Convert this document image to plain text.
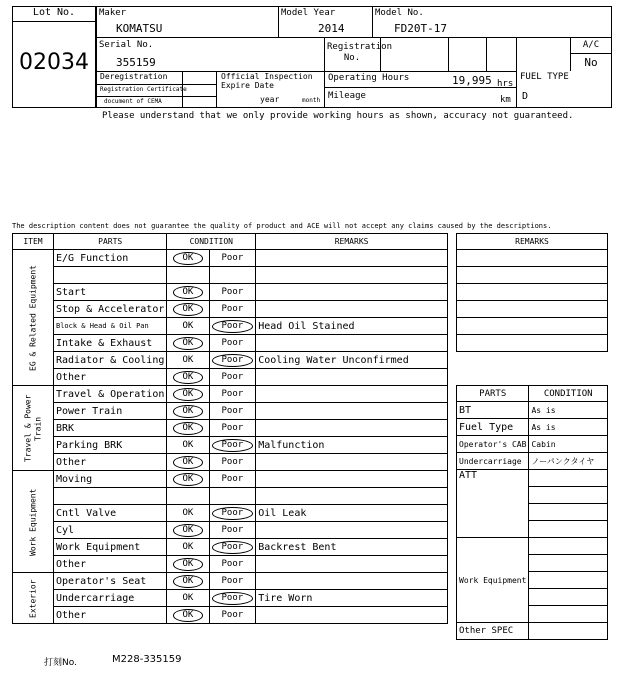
Lot No.
02034
Maker
KOMATSU
Model Year
2014
Model No.
FD20T-17
Serial No.
355159
Registration No.
A/C
No
Deregistration
Registration Certificate
document of CEMA
Official Inspection Expire Date
year	month
Operating Hours	19,995 hrs
Mileage	km
FUEL TYPE
D
Please understand that we only provide working hours as shown, accuracy not guaranteed.
The description content does not guarantee the quality of product and ACE will not accept any claims caused by the descriptions.
ITEM	PARTS	CONDITION		REMARKS
EG & Related Equipment	E/G Function	OK	Poor	

	Start	OK	Poor	
	Stop & Accelerator	OK	Poor	
	Block & Head & Oil Pan	OK	Poor	Head Oil Stained
	Intake & Exhaust	OK	Poor	
	Radiator & Cooling	OK	Poor	Cooling Water Unconfirmed
	Other	OK	Poor	
Travel & Power Train	Travel & Operation	OK	Poor	
	Power Train	OK	Poor	
	BRK	OK	Poor	
	Parking BRK	OK	Poor	Malfunction
	Other	OK	Poor	
Work Equipment	Moving	OK	Poor	

	Cntl Valve	OK	Poor	Oil Leak
	Cyl	OK	Poor	
	Work Equipment	OK	Poor	Backrest Bent
	Other	OK	Poor	
Exterior	Operator's Seat	OK	Poor	
	Undercarriage	OK	Poor	Tire Worn
	Other	OK	Poor	
REMARKS

PARTS	CONDITION
BT	As is
Fuel Type	As is
Operator's CAB	Cabin
Undercarriage	ノーパンクタイヤ
ATT	

Work Equipment	

Other SPEC	
打刻No.	M228-335159
